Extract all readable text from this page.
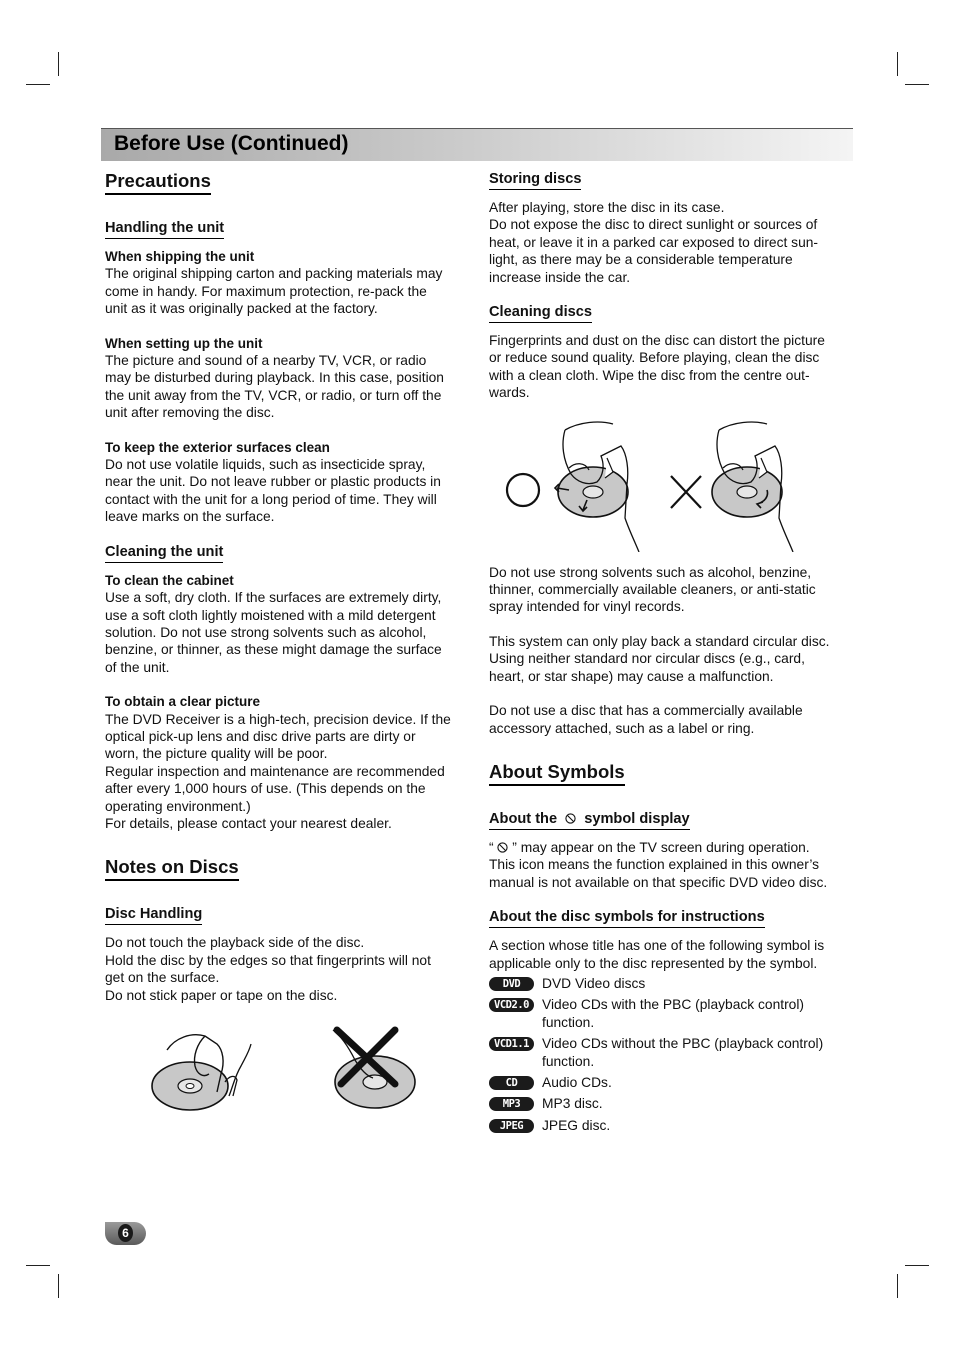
Before Use (Continued)
Precautions
Handling the unit
When shipping the unit

The original shipping carton and packing materials may
come in handy. For maximum protection, re-pack the
unit as it was originally packed at the factory.

When setting up the unit

The picture and sound of a nearby TV, VCR, or radio
may be disturbed during playback. In this case, position
the unit away from the TV, VCR, or radio, or turn off the
unit after removing the disc.

To keep the exterior surfaces clean

Do not use volatile liquids, such as insecticide spray,
near the unit. Do not leave rubber or plastic products in
contact with the unit for a long period of time. They will
leave marks on the surface.

Cleaning the unit
To clean the cabinet

Use a soft, dry cloth. If the surfaces are extremely dirty,
use a soft cloth lightly moistened with a mild detergent
solution. Do not use strong solvents such as alcohol,
benzine, or thinner, as these might damage the surface
of the unit.

To obtain a clear picture

The DVD Receiver is a high-tech, precision device. If the
optical pick-up lens and disc drive parts are dirty or
worn, the picture quality will be poor.
Regular inspection and maintenance are recommended
after every 1,000 hours of use. (This depends on the
operating environment.)
For details, please contact your nearest dealer.

Notes on Discs
Disc Handling

Do not touch the playback side of the disc.
Hold the disc by the edges so that fingerprints will not
get on the surface.
Do not stick paper or tape on the disc.

Storing discs

After playing, store the disc in its case.
Do not expose the disc to direct sunlight or sources of
heat, or leave it in a parked car exposed to direct sun-
light, as there may be a considerable temperature
increase inside the car.

Cleaning discs

Fingerprints and dust on the disc can distort the picture
or reduce sound quality. Before playing, clean the disc
with a clean cloth. Wipe the disc from the centre out-
wards.

Do not use strong solvents such as alcohol, benzine,
thinner, commercially available cleaners, or anti-static
spray intended for vinyl records.

This system can only play back a standard circular disc.
Using neither standard nor circular discs (e.g., card,
heart, or star shape) may cause a malfunction.

Do not use a disc that has a commercially available
accessory attached, such as a label or ring.

About Symbols
About the symbol display

“ ” may appear on the TV screen during operation.
This icon means the function explained in this owner’s
manual is not available on that specific DVD video disc.

About the disc symbols for instructions

A section whose title has one of the following symbol is
applicable only to the disc represented by the symbol.

DVD	DVD Video discs
VCD2.0 Video CDs with the PBC (playback control)
function.
VCD1.1 Video CDs without the PBC (playback control)
function.
CD	Audio CDs.
MP3	MP3 disc.
JPEG	JPEG disc.
6
